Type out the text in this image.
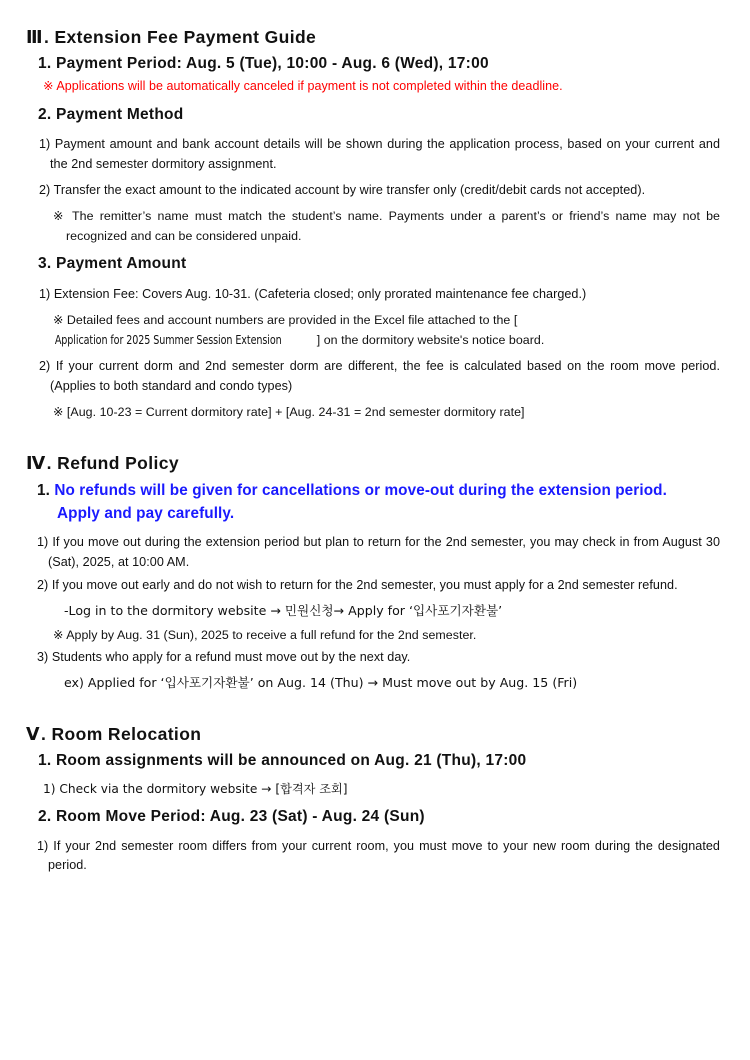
Ⅲ. Extension Fee Payment Guide

1. Payment Period: Aug. 5 (Tue), 10:00 - Aug. 6 (Wed), 17:00

※ Applications will be automatically canceled if payment is not completed within the deadline.

2. Payment Method

1) Payment amount and bank account details will be shown during the application process, based on your current and the 2nd semester dormitory assignment.

2) Transfer the exact amount to the indicated account by wire transfer only (credit/debit cards not accepted).

※ The remitter’s name must match the student’s name. Payments under a parent’s or friend’s name may not be recognized and can be considered unpaid.

3. Payment Amount

1) Extension Fee: Covers Aug. 10-31. (Cafeteria closed; only prorated maintenance fee charged.)

※ Detailed fees and account numbers are provided in the Excel file attached to the [Application for 2025 Summer Session Extension	] on the dormitory website's notice board.

2) If your current dorm and 2nd semester dorm are different, the fee is calculated based on the room move period. (Applies to both standard and condo types)

※ [Aug. 10-23 = Current dormitory rate] + [Aug. 24-31 = 2nd semester dormitory rate]

Ⅳ. Refund Policy

1. No refunds will be given for cancellations or move-out during the extension period.

Apply and pay carefully.

1) If you move out during the extension period but plan to return for the 2nd semester, you may check in from August 30 (Sat), 2025, at 10:00 AM.

2) If you move out early and do not wish to return for the 2nd semester, you must apply for a 2nd semester refund.

-Log in to the dormitory website → 민원신청→ Apply for ‘입사포기자환불’

※ Apply by Aug. 31 (Sun), 2025 to receive a full refund for the 2nd semester.

3) Students who apply for a refund must move out by the next day.

ex) Applied for ‘입사포기자환불’ on Aug. 14 (Thu) → Must move out by Aug. 15 (Fri)

Ⅴ. Room Relocation

1. Room assignments will be announced on Aug. 21 (Thu), 17:00

1) Check via the dormitory website → [합격자 조회]

2. Room Move Period: Aug. 23 (Sat) - Aug. 24 (Sun)

1) If your 2nd semester room differs from your current room, you must move to your new room during the designated period.
